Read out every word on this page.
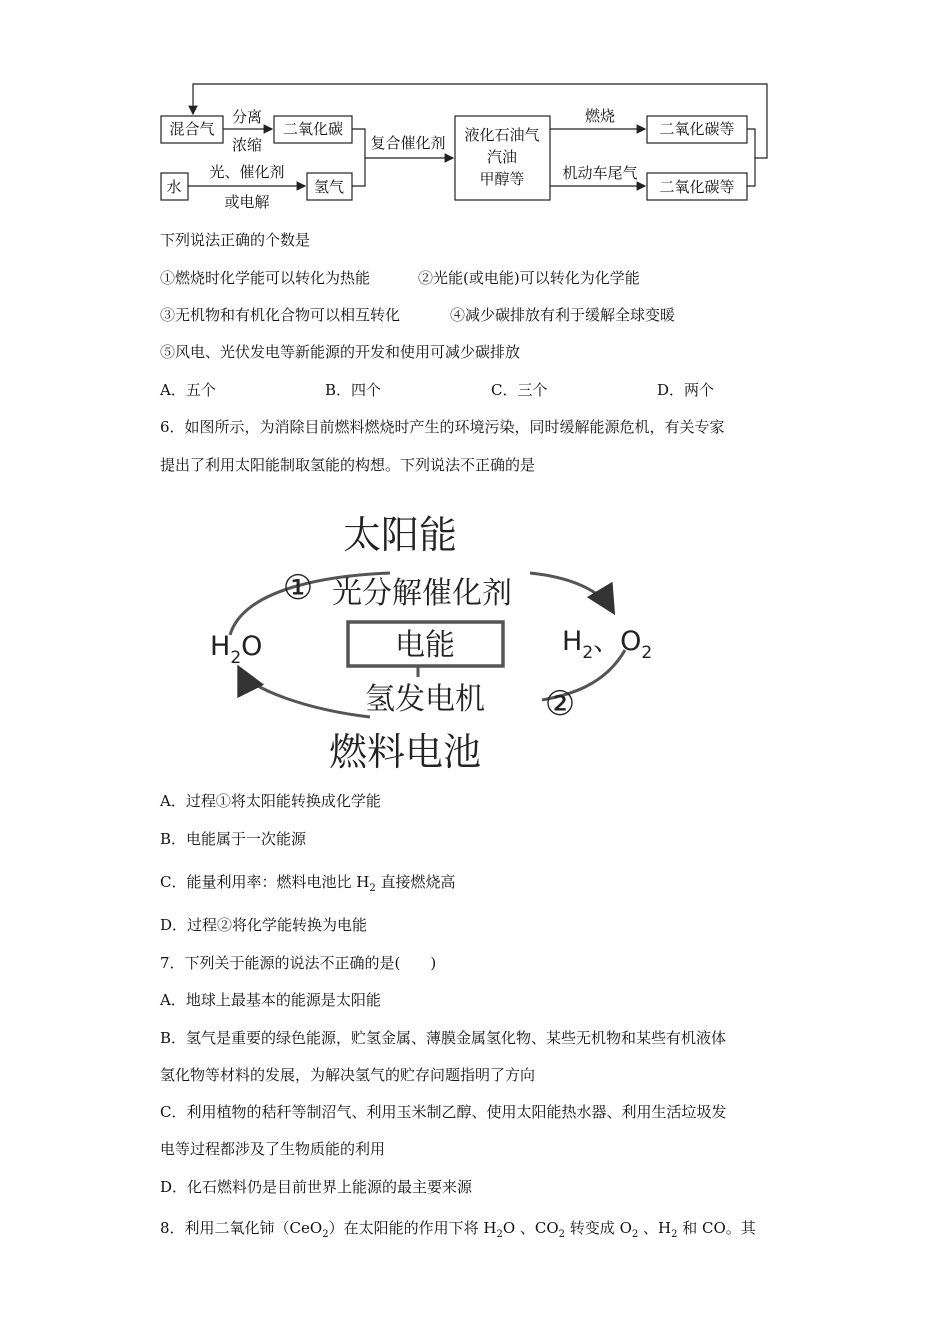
混合气
分离
浓缩
二氧化碳
复合催化剂
水
光、催化剂
或电解
氢气
液化石油气
汽油
甲醇等
燃烧
机动车尾气
二氧化碳等
二氧化碳等
下列说法正确的个数是
①燃烧时化学能可以转化为热能	②光能(或电能)可以转化为化学能
③无机物和有机化合物可以相互转化	④减少碳排放有利于缓解全球变暖
⑤风电、光伏发电等新能源的开发和使用可减少碳排放
A．五个	B．四个	C．三个	D．两个
6．如图所示，为消除目前燃料燃烧时产生的环境污染，同时缓解能源危机，有关专家
提出了利用太阳能制取氢能的构想。下列说法不正确的是
太阳能
① 光分解催化剂
$H_2O$	电能	$H_2$、$O_2$
氢发电机 ②
燃料电池
A．过程①将太阳能转换成化学能
B．电能属于一次能源
C．能量利用率：燃料电池比 $H_2$ 直接燃烧高
D．过程②将化学能转换为电能
7．下列关于能源的说法不正确的是(　　)
A．地球上最基本的能源是太阳能
B．氢气是重要的绿色能源，贮氢金属、薄膜金属氢化物、某些无机物和某些有机液体
氢化物等材料的发展，为解决氢气的贮存问题指明了方向
C．利用植物的秸秆等制沼气、利用玉米制乙醇、使用太阳能热水器、利用生活垃圾发
电等过程都涉及了生物质能的利用
D．化石燃料仍是目前世界上能源的最主要来源
8．利用二氧化铈（CeO$_2$）在太阳能的作用下将 $H_2O$ 、$CO_2$ 转变成 $O_2$ 、$H_2$ 和 CO。其
